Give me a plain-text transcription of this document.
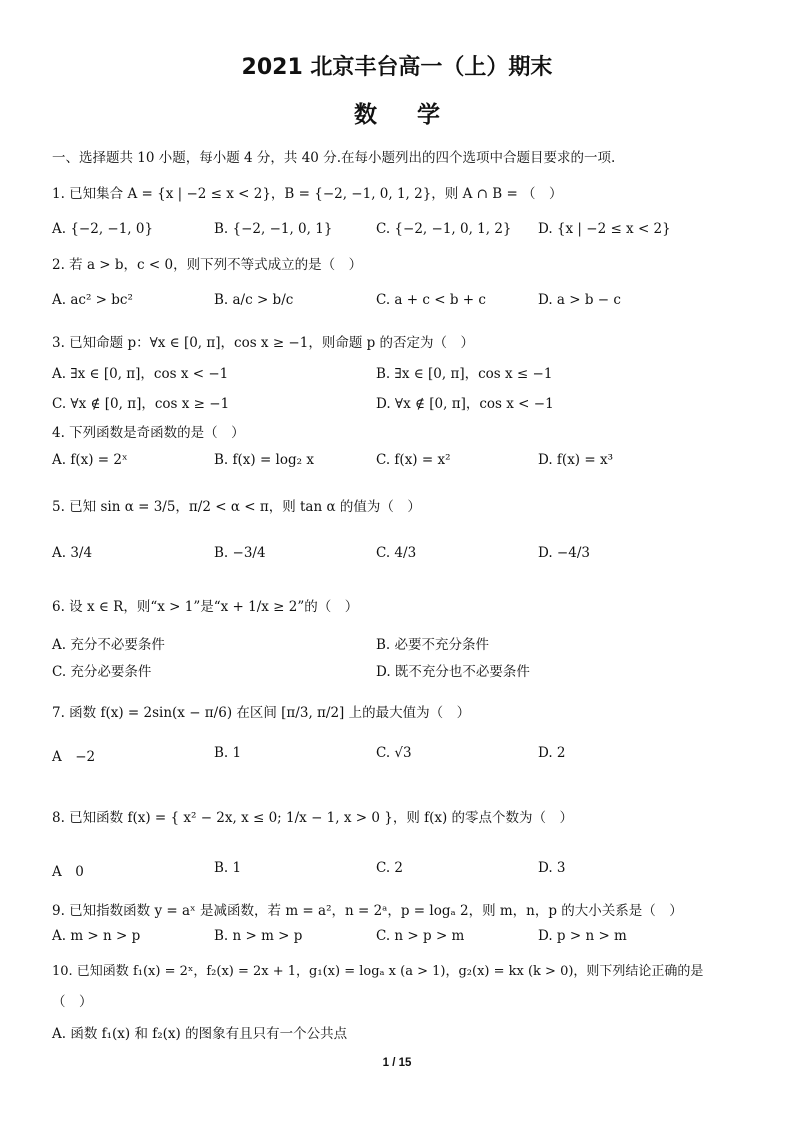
2021 北京丰台高一（上）期末
数学
一、选择题共 10 小题，每小题 4 分，共 40 分.在每小题列出的四个选项中合题目要求的一项.
1. 已知集合 A = {x | −2 ≤ x < 2}，B = {−2, −1, 0, 1, 2}，则 A ∩ B = （　）
A. {−2, −1, 0}	B. {−2, −1, 0, 1}	C. {−2, −1, 0, 1, 2} D. {x | −2 ≤ x < 2}
2. 若 a > b，c < 0，则下列不等式成立的是（　）
A. ac² > bc²	B. a/c > b/c	C. a + c < b + c	D. a > b − c
3. 已知命题 p：∀x ∈ [0, π]，cos x ≥ −1，则命题 p 的否定为（　）
A. ∃x ∈ [0, π]，cos x < −1	B. ∃x ∈ [0, π]，cos x ≤ −1
C. ∀x ∉ [0, π]，cos x ≥ −1	D. ∀x ∉ [0, π]，cos x < −1
4. 下列函数是奇函数的是（　）
A. f(x) = 2ˣ	B. f(x) = log₂ x	C. f(x) = x²	D. f(x) = x³
5. 已知 sin α = 3/5，π/2 < α < π，则 tan α 的值为（　）
A. 3/4	B. −3/4	C. 4/3	D. −4/3
6. 设 x ∈ R，则“x > 1”是“x + 1/x ≥ 2”的（　）
A. 充分不必要条件	B. 必要不充分条件
C. 充分必要条件	D. 既不充分也不必要条件
7. 函数 f(x) = 2sin(x − π/6) 在区间 [π/3, π/2] 上的最大值为（　）
A　−2	B. 1	C. √3	D. 2
8. 已知函数 f(x) = { x² − 2x, x ≤ 0; 1/x − 1, x > 0 }，则 f(x) 的零点个数为（　）
A　0	B. 1	C. 2	D. 3
9. 已知指数函数 y = aˣ 是减函数，若 m = a²，n = 2ᵃ，p = logₐ 2，则 m，n，p 的大小关系是（　）
A. m > n > p	B. n > m > p	C. n > p > m	D. p > n > m
10. 已知函数 f₁(x) = 2ˣ，f₂(x) = 2x + 1，g₁(x) = logₐ x (a > 1)，g₂(x) = kx (k > 0)，则下列结论正确的是
（　）
A. 函数 f₁(x) 和 f₂(x) 的图象有且只有一个公共点
1 / 15
